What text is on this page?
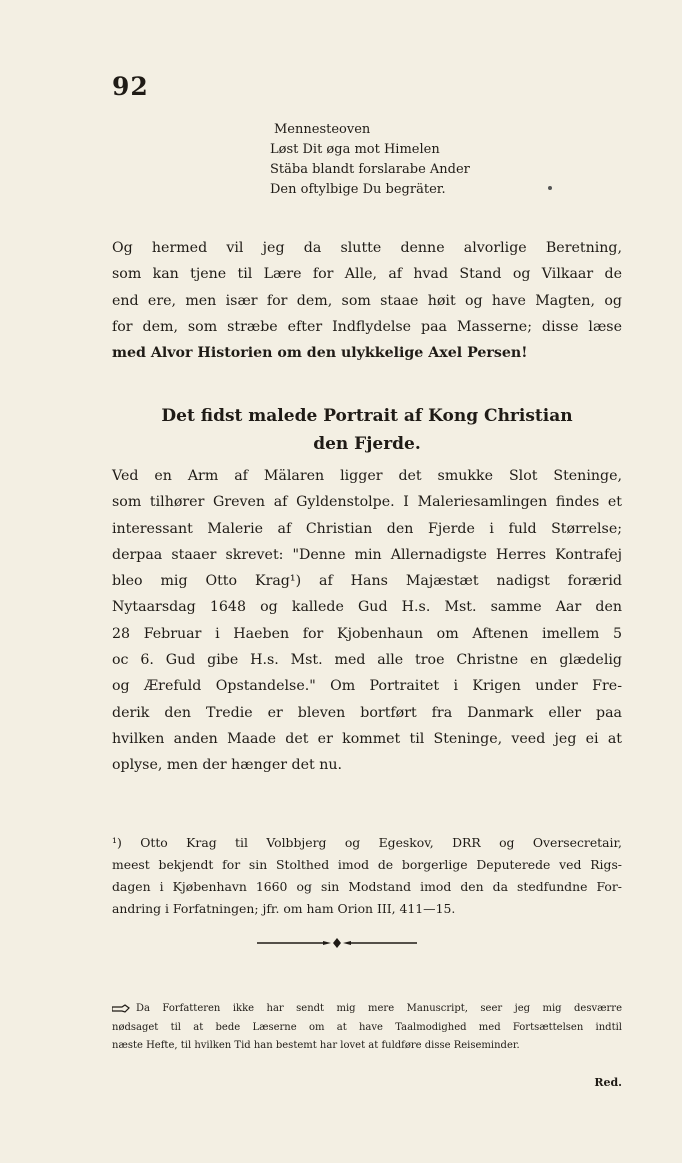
92
Mennesteoven
Løst Dit øga mot Himelen
Stäba blandt forslarabe Ander
Den oftylbige Du begräter.
Og hermed vil jeg da slutte denne alvorlige Beretning,
som kan tjene til Lære for Alle, af hvad Stand og Vilkaar de
end ere, men især for dem, som staae høit og have Magten, og
for dem, som stræbe efter Indflydelse paa Masserne; disse læse
med Alvor Historien om den ulykkelige Axel Persen!
Det fidst malede Portrait af Kong Christian
den Fjerde.
Ved en Arm af Mälaren ligger det smukke Slot Steninge,
som tilhører Greven af Gyldenstolpe. I Maleriesamlingen findes et
interessant Malerie af Christian den Fjerde i fuld Størrelse;
derpaa staaer skrevet: "Denne min Allernadigste Herres Kontrafej
bleo mig Otto Krag¹) af Hans Majæstæt nadigst forærid
Nytaarsdag 1648 og kallede Gud H.s. Mst. samme Aar den
28 Februar i Haeben for Kjobenhaun om Aftenen imellem 5
oc 6. Gud gibe H.s. Mst. med alle troe Christne en glædelig
og Ærefuld Opstandelse." Om Portraitet i Krigen under Fre-
derik den Tredie er bleven bortført fra Danmark eller paa
hvilken anden Maade det er kommet til Steninge, veed jeg ei at
oplyse, men der hænger det nu.
¹) Otto Krag til Volbbjerg og Egeskov, DRR og Oversecretair,
meest bekjendt for sin Stolthed imod de borgerlige Deputerede ved Rigs-
dagen i Kjøbenhavn 1660 og sin Modstand imod den da stedfundne For-
andring i Forfatningen; jfr. om ham Orion III, 411—15.
Da Forfatteren ikke har sendt mig mere Manuscript, seer jeg mig desværre
nødsaget til at bede Læserne om at have Taalmodighed med Fortsættelsen indtil
næste Hefte, til hvilken Tid han bestemt har lovet at fuldføre disse Reiseminder.
Red.
